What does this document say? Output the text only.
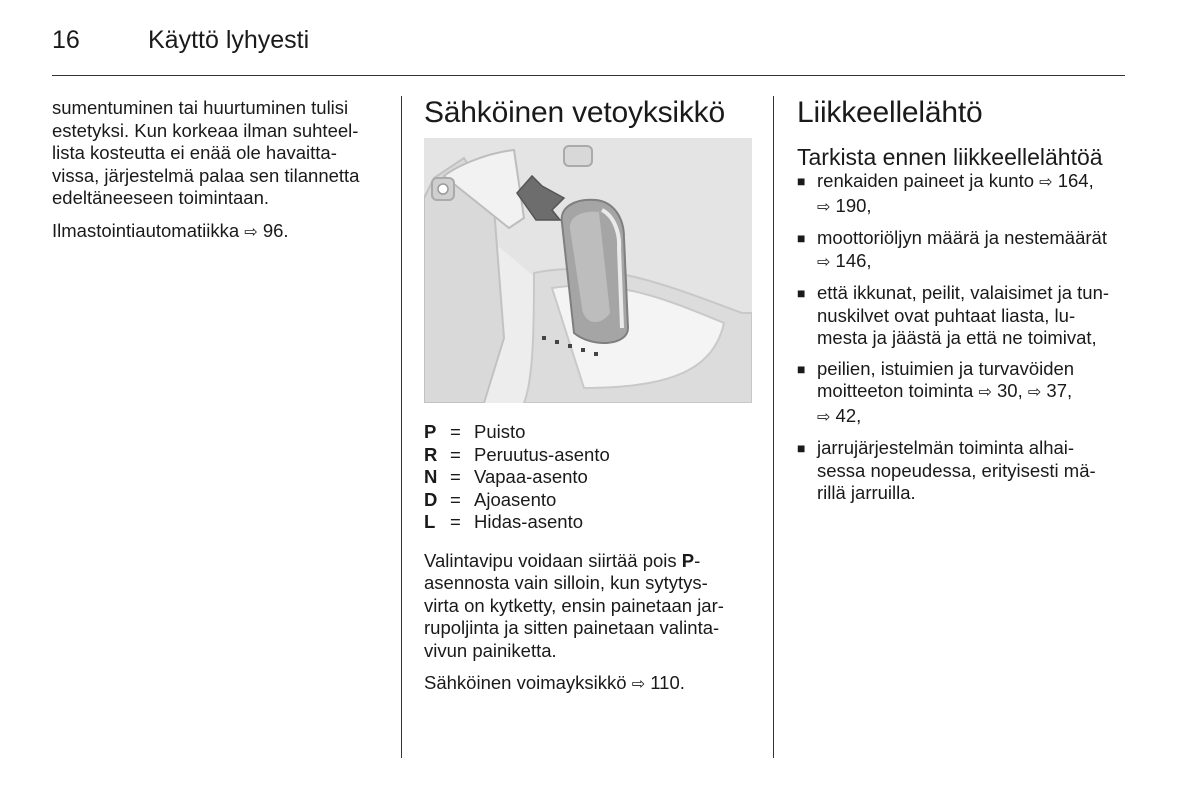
16	Käyttö lyhyesti

sumentuminen tai huurtuminen tulisi
estetyksi. Kun korkeaa ilman suhteel-
lista kosteutta ei enää ole havaitta-
vissa, järjestelmä palaa sen tilannetta
edeltäneeseen toimintaan.

Ilmastointiautomatiikka ⇨ 96.

Sähköinen vetoyksikkö
P	=	Puisto
R	=	Peruutus-asento
N	=	Vapaa-asento
D	=	Ajoasento
L	=	Hidas-asento

Valintavipu voidaan siirtää pois P-
asennosta vain silloin, kun sytytys-
virta on kytketty, ensin painetaan jar-
rupoljinta ja sitten painetaan valinta-
vivun painiketta.

Sähköinen voimayksikkö ⇨ 110.

Liikkeellelähtö
Tarkista ennen liikkeellelähtöä
■ renkaiden paineet ja kunto ⇨ 164,
⇨ 190,
■ moottoriöljyn määrä ja nestemäärät
⇨ 146,
■ että ikkunat, peilit, valaisimet ja tun-
nuskilvet ovat puhtaat liasta, lu-
mesta ja jäästä ja että ne toimivat,
■ peilien, istuimien ja turvavöiden
moitteeton toiminta ⇨ 30, ⇨ 37,
⇨ 42,
■ jarrujärjestelmän toiminta alhai-
sessa nopeudessa, erityisesti mä-
rillä jarruilla.
